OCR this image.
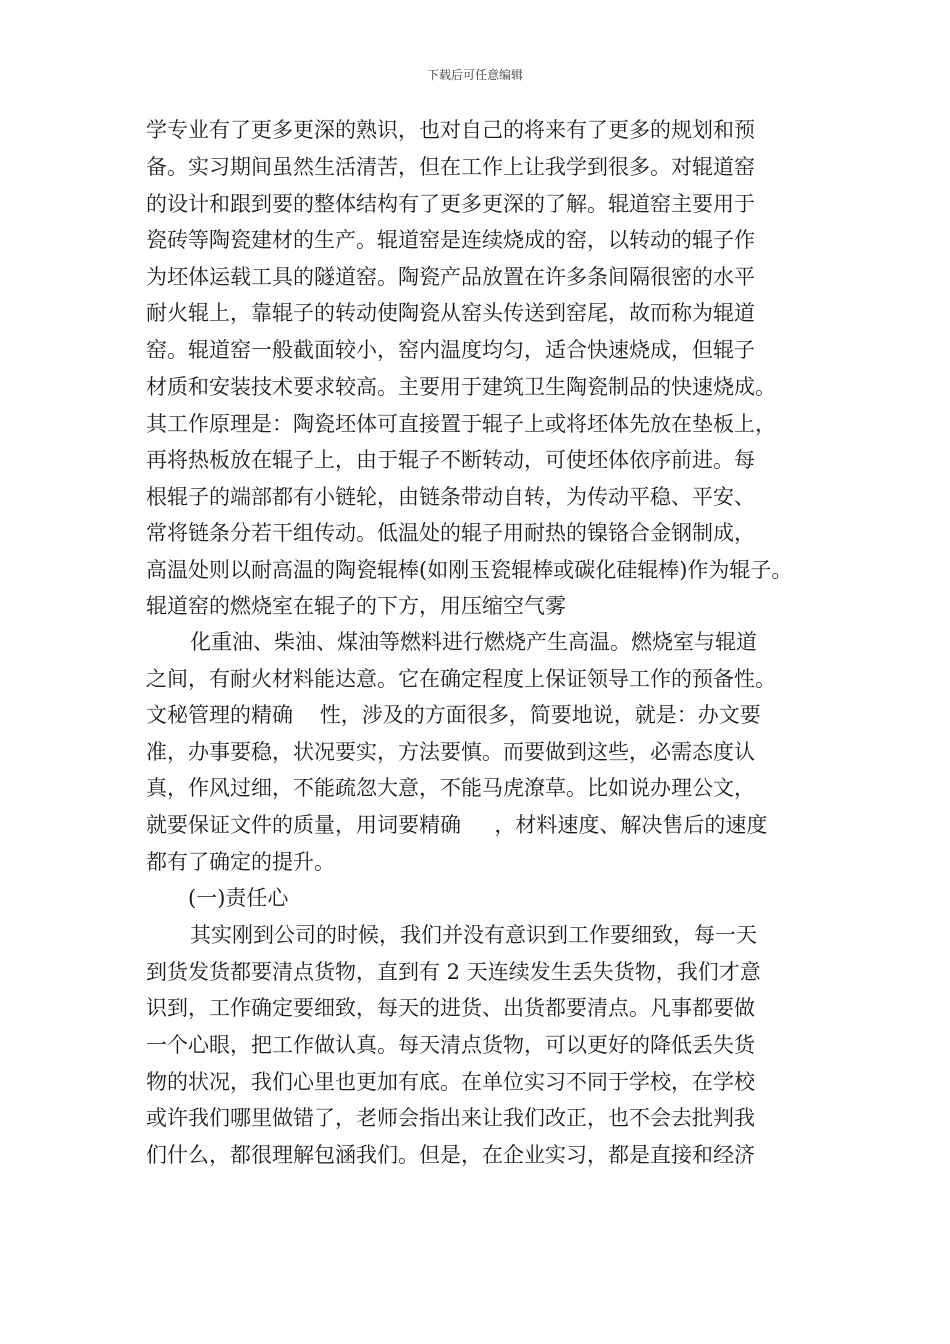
下载后可任意编辑
学专业有了更多更深的熟识，也对自己的将来有了更多的规划和预
备。实习期间虽然生活清苦，但在工作上让我学到很多。对辊道窑
的设计和跟到要的整体结构有了更多更深的了解。辊道窑主要用于
瓷砖等陶瓷建材的生产。辊道窑是连续烧成的窑，以转动的辊子作
为坯体运载工具的隧道窑。陶瓷产品放置在许多条间隔很密的水平
耐火辊上，靠辊子的转动使陶瓷从窑头传送到窑尾，故而称为辊道
窑。辊道窑一般截面较小，窑内温度均匀，适合快速烧成，但辊子
材质和安装技术要求较高。主要用于建筑卫生陶瓷制品的快速烧成。
其工作原理是：陶瓷坯体可直接置于辊子上或将坯体先放在垫板上，
再将热板放在辊子上，由于辊子不断转动，可使坯体依序前进。每
根辊子的端部都有小链轮，由链条带动自转，为传动平稳、平安、
常将链条分若干组传动。低温处的辊子用耐热的镍铬合金钢制成，
高温处则以耐高温的陶瓷辊棒(如刚玉瓷辊棒或碳化硅辊棒)作为辊子。
辊道窑的燃烧室在辊子的下方，用压缩空气雾
化重油、柴油、煤油等燃料进行燃烧产生高温。燃烧室与辊道
之间，有耐火材料能达意。它在确定程度上保证领导工作的预备性。
文秘管理的精确    性，涉及的方面很多，简要地说，就是：办文要
准，办事要稳，状况要实，方法要慎。而要做到这些，必需态度认
真，作风过细，不能疏忽大意，不能马虎潦草。比如说办理公文，
就要保证文件的质量，用词要精确     ，材料速度、解决售后的速度
都有了确定的提升。
(一)责任心
其实刚到公司的时候，我们并没有意识到工作要细致，每一天
到货发货都要清点货物，直到有 2 天连续发生丢失货物，我们才意
识到，工作确定要细致，每天的进货、出货都要清点。凡事都要做
一个心眼，把工作做认真。每天清点货物，可以更好的降低丢失货
物的状况，我们心里也更加有底。在单位实习不同于学校，在学校
或许我们哪里做错了，老师会指出来让我们改正，也不会去批判我
们什么，都很理解包涵我们。但是，在企业实习，都是直接和经济
